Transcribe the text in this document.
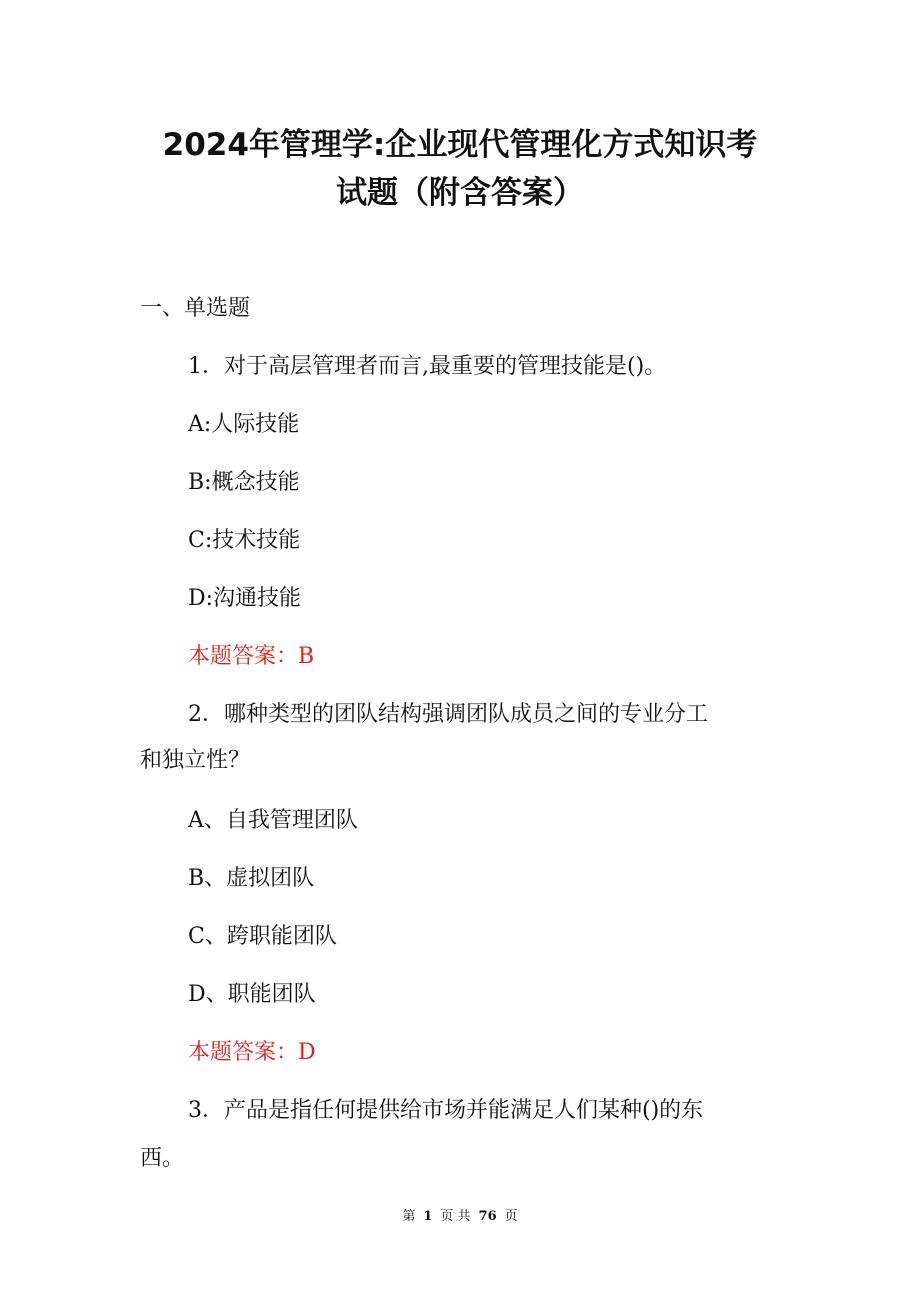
2024年管理学:企业现代管理化方式知识考
试题（附含答案）
一、单选题
1．对于高层管理者而言,最重要的管理技能是()。
A:人际技能
B:概念技能
C:技术技能
D:沟通技能
本题答案：B
2．哪种类型的团队结构强调团队成员之间的专业分工
和独立性？
A、自我管理团队
B、虚拟团队
C、跨职能团队
D、职能团队
本题答案：D
3．产品是指任何提供给市场并能满足人们某种()的东
西。
第 1 页 共 76 页
